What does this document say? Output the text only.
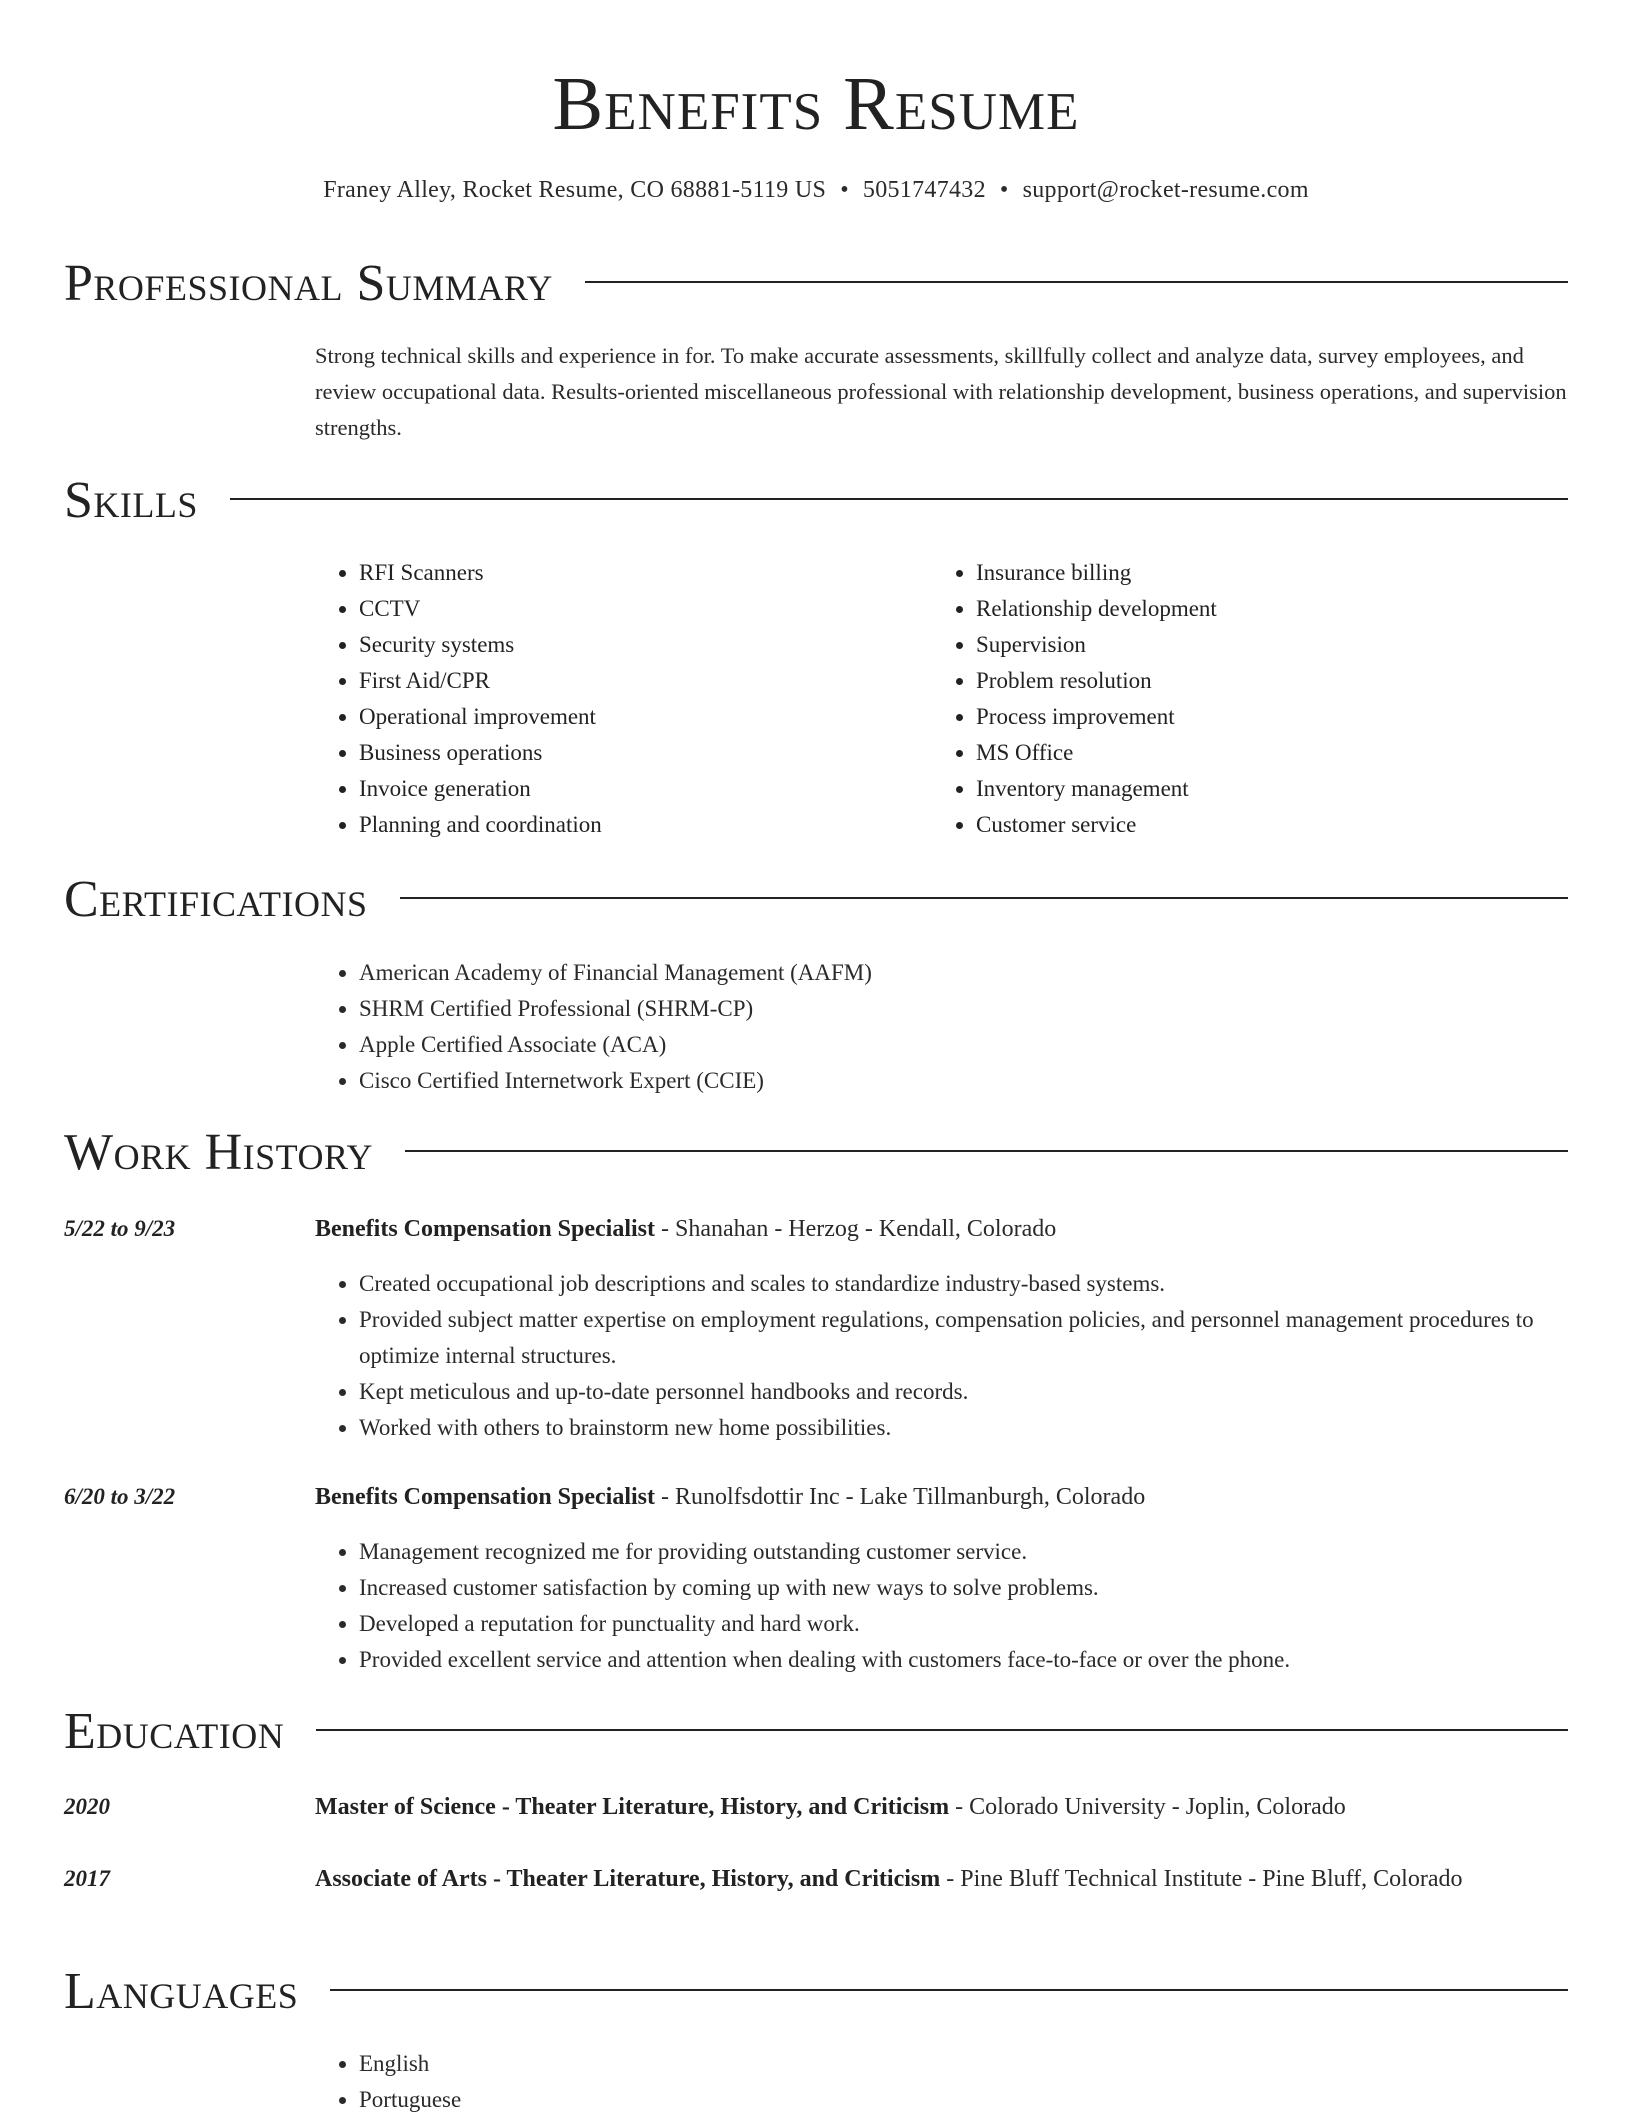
Benefits Resume
Franey Alley, Rocket Resume, CO 68881-5119 US • 5051747432 • support@rocket-resume.com
Professional Summary

Strong technical skills and experience in for. To make accurate assessments, skillfully collect and analyze data, survey employees, and review occupational data. Results-oriented miscellaneous professional with relationship development, business operations, and supervision strengths.

Skills
• RFI Scanners
• CCTV
• Security systems
• First Aid/CPR
• Operational improvement
• Business operations
• Invoice generation
• Planning and coordination
• Insurance billing
• Relationship development
• Supervision
• Problem resolution
• Process improvement
• MS Office
• Inventory management
• Customer service
Certifications
• American Academy of Financial Management (AAFM)
• SHRM Certified Professional (SHRM-CP)
• Apple Certified Associate (ACA)
• Cisco Certified Internetwork Expert (CCIE)
Work History
5/22 to 9/23	Benefits Compensation Specialist - Shanahan - Herzog - Kendall, Colorado
• Created occupational job descriptions and scales to standardize industry-based systems.
• Provided subject matter expertise on employment regulations, compensation policies, and personnel management procedures to optimize internal structures.
• Kept meticulous and up-to-date personnel handbooks and records.
• Worked with others to brainstorm new home possibilities.
6/20 to 3/22	Benefits Compensation Specialist - Runolfsdottir Inc - Lake Tillmanburgh, Colorado
• Management recognized me for providing outstanding customer service.
• Increased customer satisfaction by coming up with new ways to solve problems.
• Developed a reputation for punctuality and hard work.
• Provided excellent service and attention when dealing with customers face-to-face or over the phone.
Education
2020	Master of Science - Theater Literature, History, and Criticism - Colorado University - Joplin, Colorado
2017	Associate of Arts - Theater Literature, History, and Criticism - Pine Bluff Technical Institute - Pine Bluff, Colorado
Languages
• English
• Portuguese
